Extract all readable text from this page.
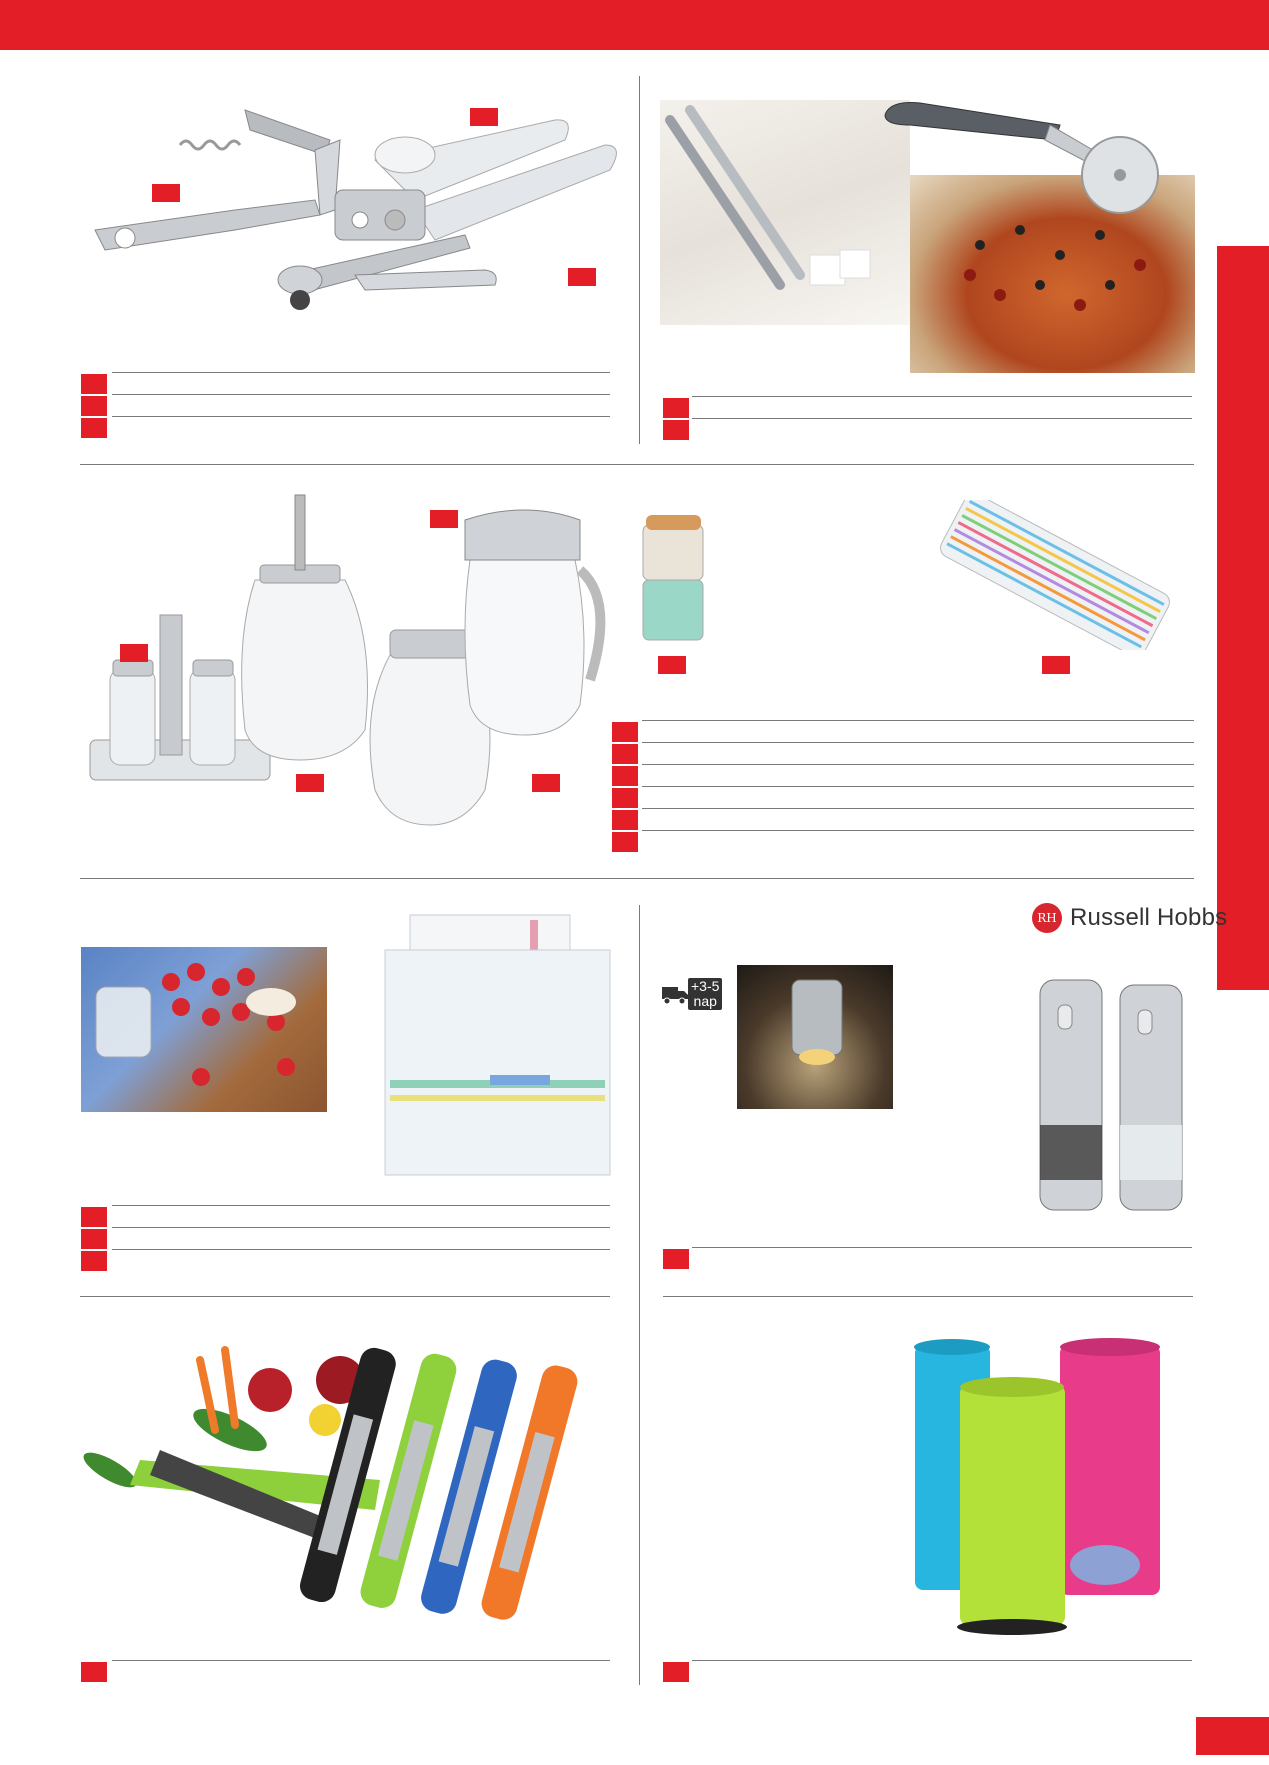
RH Russell Hobbs
+3-5
nap
